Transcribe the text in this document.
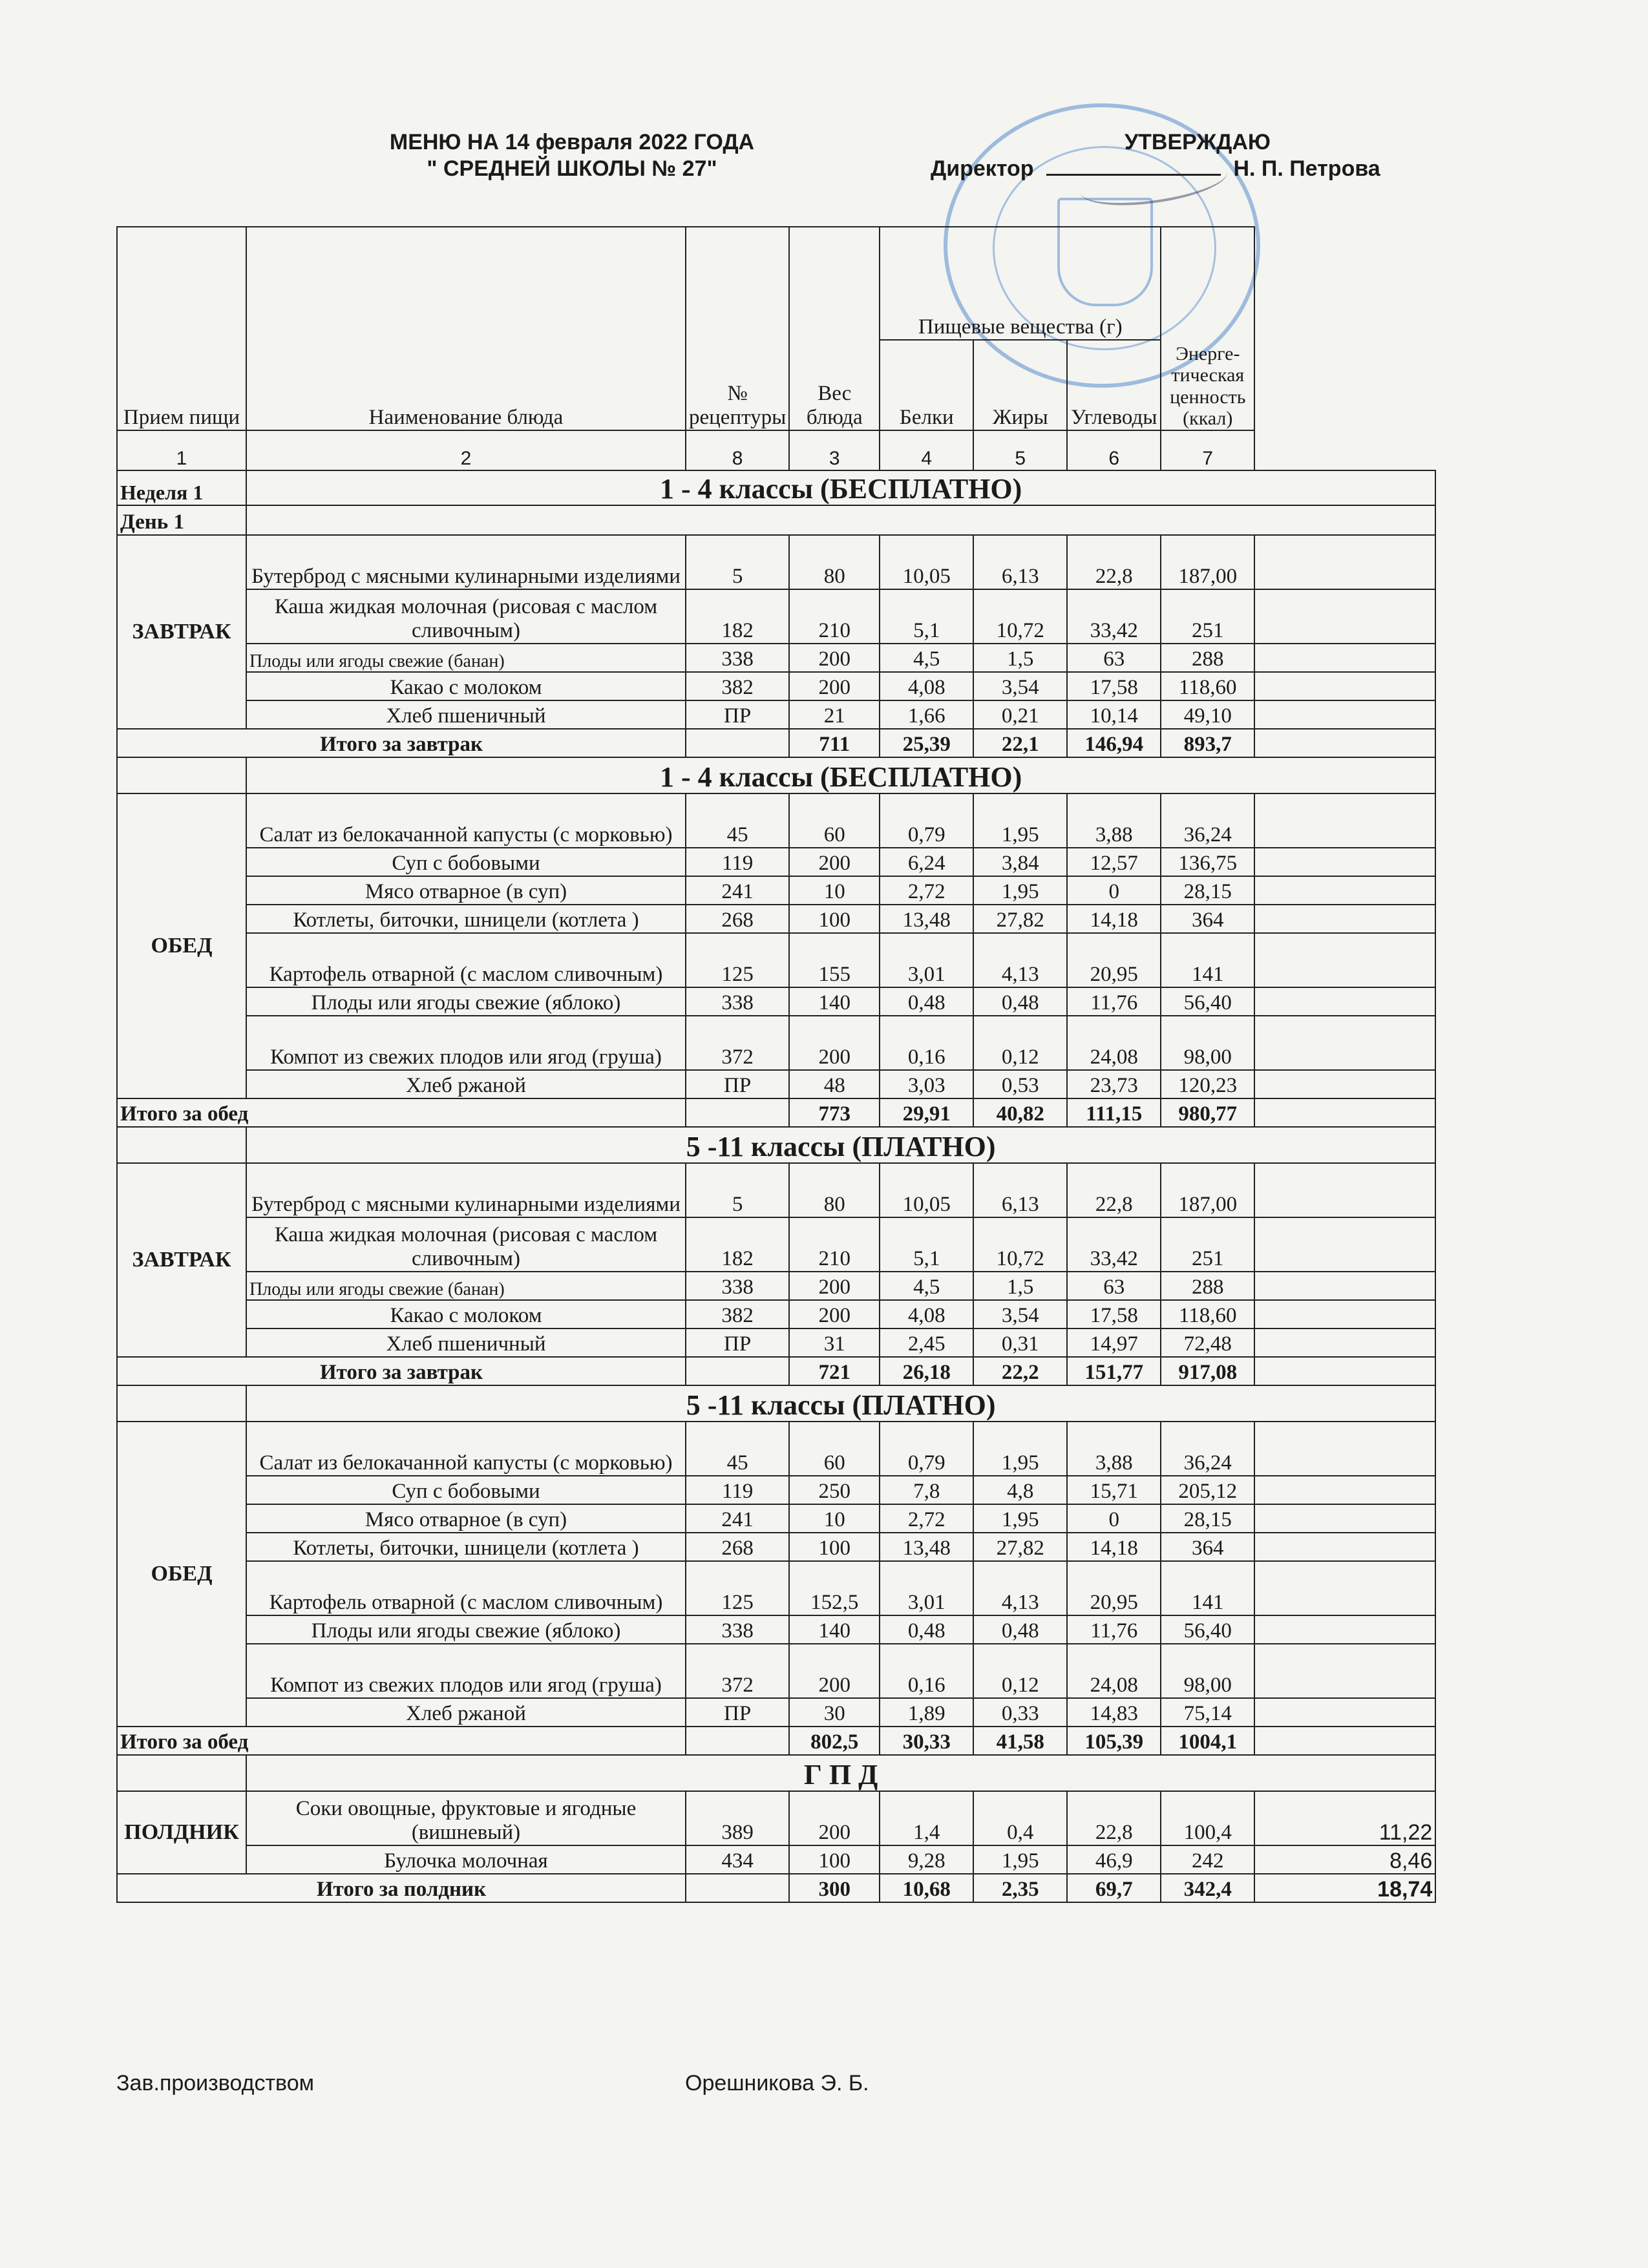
МЕНЮ НА 14 февраля 2022 ГОДА
" СРЕДНЕЙ ШКОЛЫ № 27"
УТВЕРЖДАЮ
Директор	Н. П. Петрова
Прием пищи	Наименование блюда	№ рецептуры	Вес блюда	Пищевые вещества (г)			Энерге-тическая ценность (ккал)	
				Белки	Жиры	Углеводы		
1	2	8	3	4	5	6	7	
Неделя 1	1 - 4 классы (БЕСПЛАТНО)							
День 1								
ЗАВТРАК	Бутерброд с мясными кулинарными изделиями	5	80	10,05	6,13	22,8	187,00	
	Каша жидкая молочная (рисовая с маслом сливочным)	182	210	5,1	10,72	33,42	251	
	Плоды или ягоды свежие (банан)	338	200	4,5	1,5	63	288	
	Какао с молоком	382	200	4,08	3,54	17,58	118,60	
	Хлеб пшеничный	ПР	21	1,66	0,21	10,14	49,10	
Итого за завтрак			711	25,39	22,1	146,94	893,7	
	1 - 4 классы (БЕСПЛАТНО)							
ОБЕД	Салат из белокачанной капусты (с морковью)	45	60	0,79	1,95	3,88	36,24	
	Суп с бобовыми	119	200	6,24	3,84	12,57	136,75	
	Мясо отварное (в суп)	241	10	2,72	1,95	0	28,15	
	Котлеты, биточки, шницели (котлета )	268	100	13,48	27,82	14,18	364	
	Картофель отварной (с маслом сливочным)	125	155	3,01	4,13	20,95	141	
	Плоды или ягоды свежие (яблоко)	338	140	0,48	0,48	11,76	56,40	
	Компот из свежих плодов или ягод (груша)	372	200	0,16	0,12	24,08	98,00	
	Хлеб ржаной	ПР	48	3,03	0,53	23,73	120,23	
Итого за обед			773	29,91	40,82	111,15	980,77	
	5 -11 классы (ПЛАТНО)							
ЗАВТРАК	Бутерброд с мясными кулинарными изделиями	5	80	10,05	6,13	22,8	187,00	
	Каша жидкая молочная (рисовая с маслом сливочным)	182	210	5,1	10,72	33,42	251	
	Плоды или ягоды свежие (банан)	338	200	4,5	1,5	63	288	
	Какао с молоком	382	200	4,08	3,54	17,58	118,60	
	Хлеб пшеничный	ПР	31	2,45	0,31	14,97	72,48	
Итого за завтрак			721	26,18	22,2	151,77	917,08	
	5 -11 классы (ПЛАТНО)							
ОБЕД	Салат из белокачанной капусты (с морковью)	45	60	0,79	1,95	3,88	36,24	
	Суп с бобовыми	119	250	7,8	4,8	15,71	205,12	
	Мясо отварное (в суп)	241	10	2,72	1,95	0	28,15	
	Котлеты, биточки, шницели (котлета )	268	100	13,48	27,82	14,18	364	
	Картофель отварной (с маслом сливочным)	125	152,5	3,01	4,13	20,95	141	
	Плоды или ягоды свежие (яблоко)	338	140	0,48	0,48	11,76	56,40	
	Компот из свежих плодов или ягод (груша)	372	200	0,16	0,12	24,08	98,00	
	Хлеб ржаной	ПР	30	1,89	0,33	14,83	75,14	
Итого за обед			802,5	30,33	41,58	105,39	1004,1	
	Г П Д							
ПОЛДНИК	Соки овощные, фруктовые и ягодные (вишневый)	389	200	1,4	0,4	22,8	100,4	11,22
	Булочка молочная	434	100	9,28	1,95	46,9	242	8,46
Итого за полдник			300	10,68	2,35	69,7	342,4	18,74
Зав.производством	Орешникова Э. Б.
